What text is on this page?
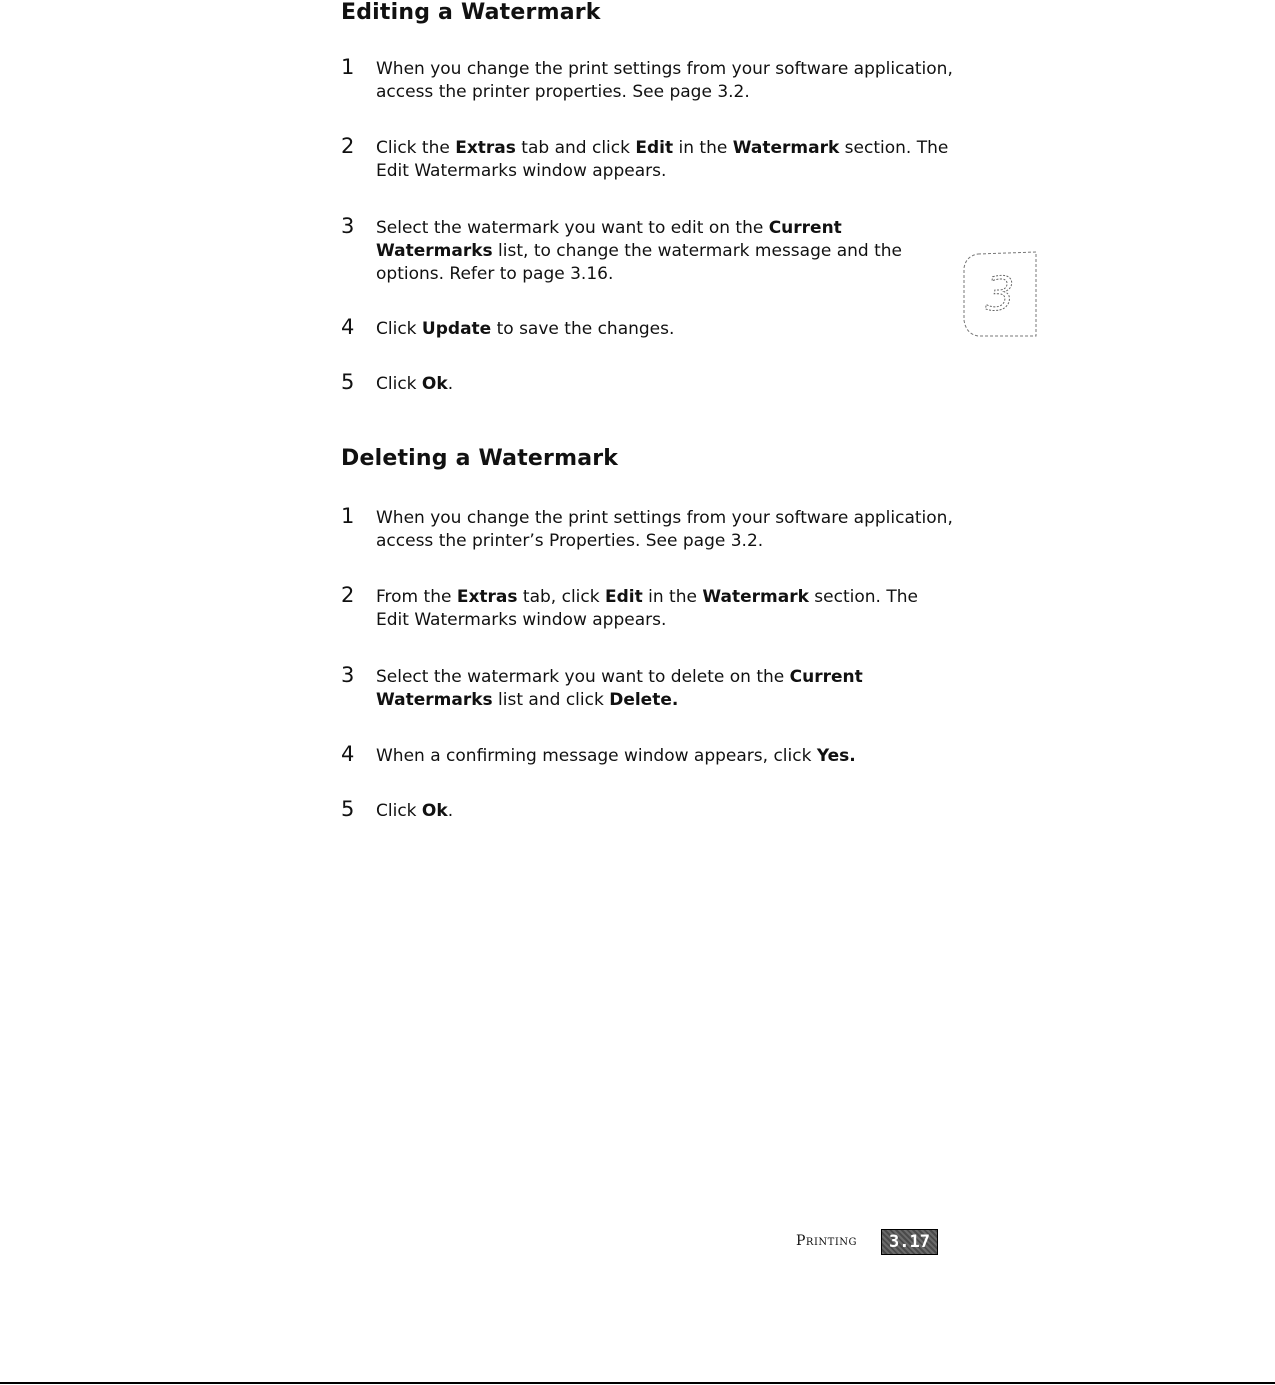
Editing a Watermark
1 When you change the print settings from your software application, access the printer properties. See page 3.2.
2 Click the Extras tab and click Edit in the Watermark section. The Edit Watermarks window appears.
3 Select the watermark you want to edit on the Current Watermarks list, to change the watermark message and the options. Refer to page 3.16.
4 Click Update to save the changes.
5 Click Ok.
Deleting a Watermark
1 When you change the print settings from your software application, access the printer’s Properties. See page 3.2.
2 From the Extras tab, click Edit in the Watermark section. The Edit Watermarks window appears.
3 Select the watermark you want to delete on the Current Watermarks list and click Delete.
4 When a confirming message window appears, click Yes.
5 Click Ok.
3
Printing	3.17
